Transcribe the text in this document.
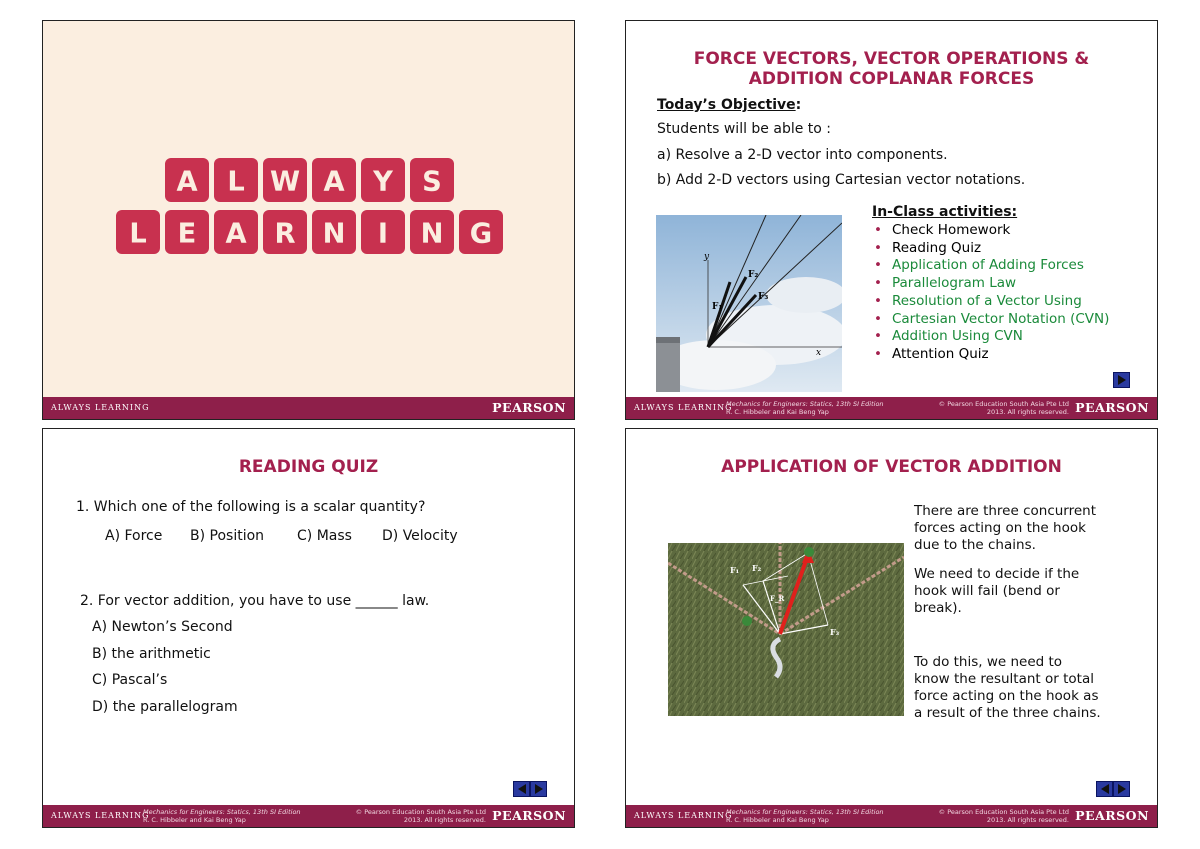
A L W A Y S
L E A R N I N G
ALWAYS LEARNING	PEARSON
FORCE VECTORS, VECTOR OPERATIONS &
ADDITION COPLANAR FORCES
Today’s Objective:
Students will be able to :
a) Resolve a 2-D vector into components.
b) Add 2-D vectors using Cartesian vector notations.
y
x
F₁
F₂
F₃
In-Class activities:
• Check Homework
• Reading Quiz
• Application of Adding Forces
• Parallelogram Law
• Resolution of a Vector Using
• Cartesian Vector Notation (CVN)
• Addition Using CVN
• Attention Quiz
ALWAYS LEARNING
Mechanics for Engineers: Statics, 13th SI Edition
R. C. Hibbeler and Kai Beng Yap
© Pearson Education South Asia Pte Ltd
2013. All rights reserved. PEARSON
READING QUIZ
1. Which one of the following is a scalar quantity?
A) Force B) Position C) Mass D) Velocity
2. For vector addition, you have to use ______ law.
A) Newton’s Second
B) the arithmetic
C) Pascal’s
D) the parallelogram
ALWAYS LEARNING
Mechanics for Engineers: Statics, 13th SI Edition
R. C. Hibbeler and Kai Beng Yap
© Pearson Education South Asia Pte Ltd
2013. All rights reserved. PEARSON
APPLICATION OF VECTOR ADDITION
F₁ F₂
F₃
F_R
There are three concurrent
forces acting on the hook
due to the chains.
We need to decide if the
hook will fail (bend or
break).
To do this, we need to
know the resultant or total
force acting on the hook as
a result of the three chains.
ALWAYS LEARNING
Mechanics for Engineers: Statics, 13th SI Edition
R. C. Hibbeler and Kai Beng Yap
© Pearson Education South Asia Pte Ltd
2013. All rights reserved. PEARSON
